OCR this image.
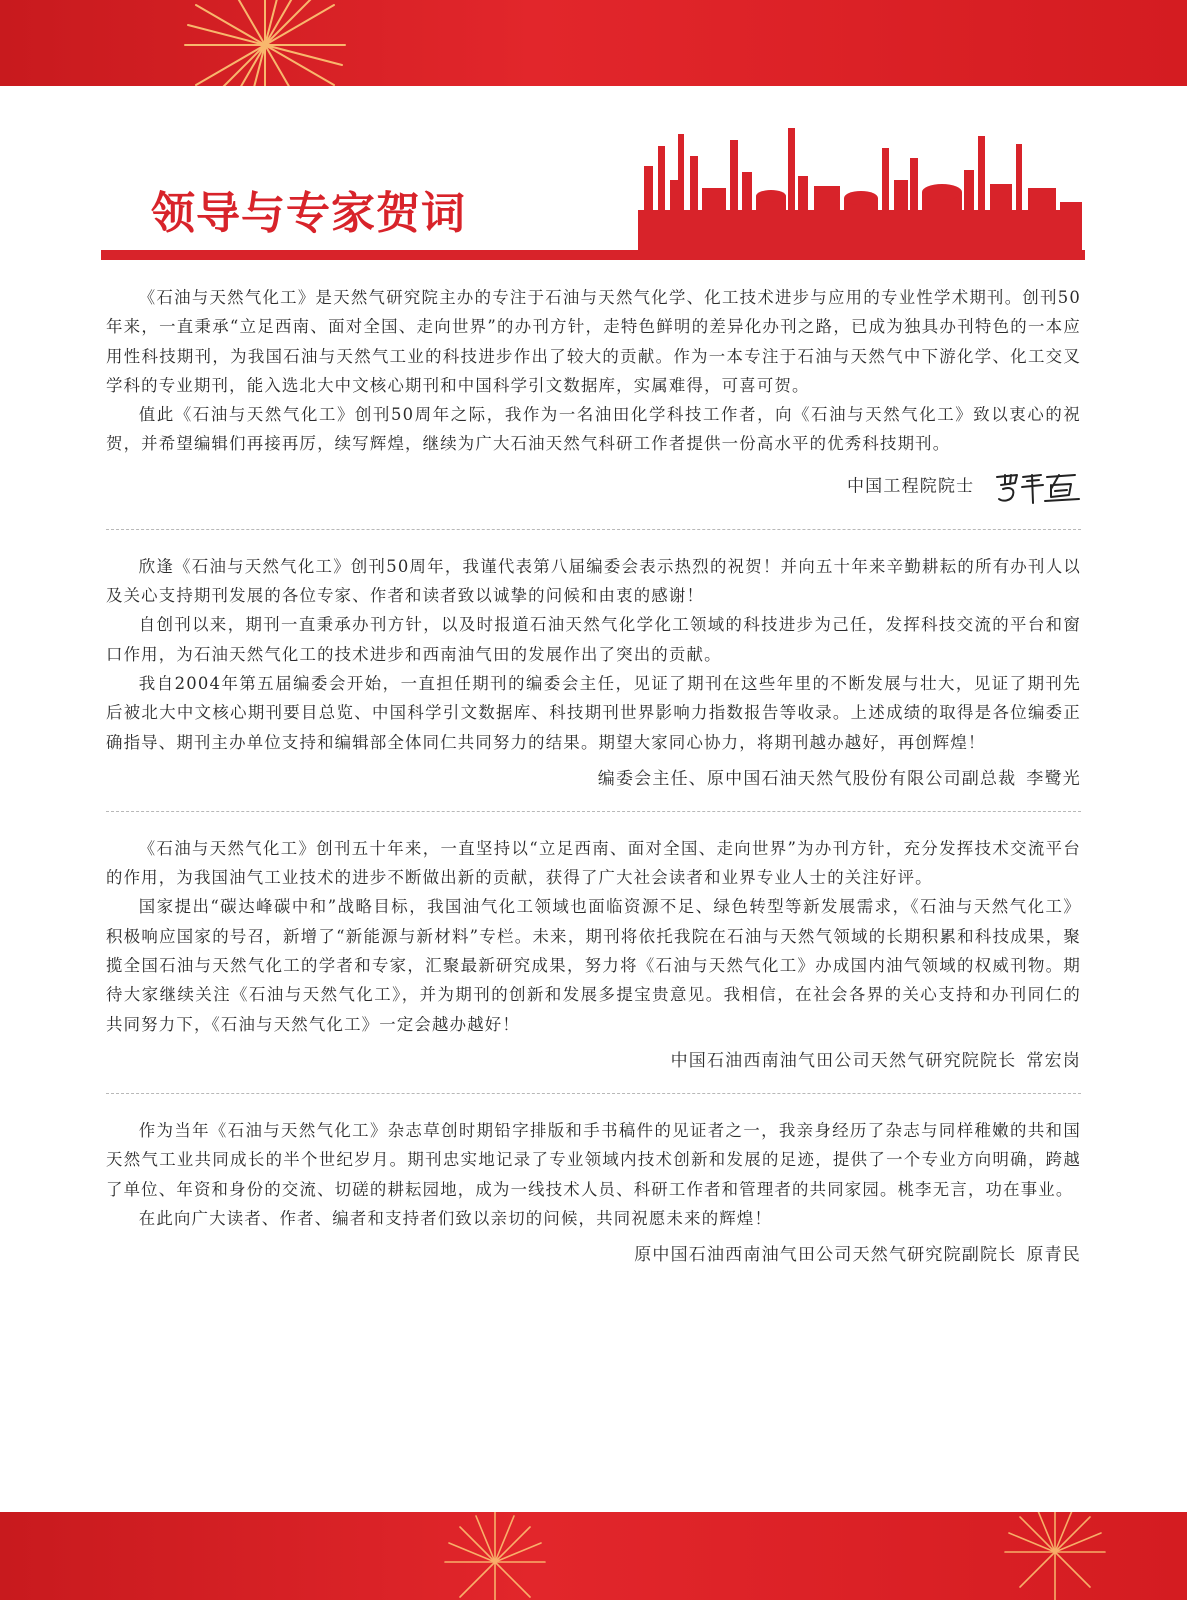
领导与专家贺词

《石油与天然气化工》是天然气研究院主办的专注于石油与天然气化学、化工技术进步与应用的专业性学术期刊。创刊50年来，一直秉承“立足西南、面对全国、走向世界”的办刊方针，走特色鲜明的差异化办刊之路，已成为独具办刊特色的一本应用性科技期刊，为我国石油与天然气工业的科技进步作出了较大的贡献。作为一本专注于石油与天然气中下游化学、化工交叉学科的专业期刊，能入选北大中文核心期刊和中国科学引文数据库，实属难得，可喜可贺。

值此《石油与天然气化工》创刊50周年之际，我作为一名油田化学科技工作者，向《石油与天然气化工》致以衷心的祝贺，并希望编辑们再接再厉，续写辉煌，继续为广大石油天然气科研工作者提供一份高水平的优秀科技期刊。

中国工程院院士

欣逢《石油与天然气化工》创刊50周年，我谨代表第八届编委会表示热烈的祝贺！并向五十年来辛勤耕耘的所有办刊人以及关心支持期刊发展的各位专家、作者和读者致以诚挚的问候和由衷的感谢！

自创刊以来，期刊一直秉承办刊方针，以及时报道石油天然气化学化工领域的科技进步为己任，发挥科技交流的平台和窗口作用，为石油天然气化工的技术进步和西南油气田的发展作出了突出的贡献。

我自2004年第五届编委会开始，一直担任期刊的编委会主任，见证了期刊在这些年里的不断发展与壮大，见证了期刊先后被北大中文核心期刊要目总览、中国科学引文数据库、科技期刊世界影响力指数报告等收录。上述成绩的取得是各位编委正确指导、期刊主办单位支持和编辑部全体同仁共同努力的结果。期望大家同心协力，将期刊越办越好，再创辉煌！

编委会主任、原中国石油天然气股份有限公司副总裁 李鹭光

《石油与天然气化工》创刊五十年来，一直坚持以“立足西南、面对全国、走向世界”为办刊方针，充分发挥技术交流平台的作用，为我国油气工业技术的进步不断做出新的贡献，获得了广大社会读者和业界专业人士的关注好评。

国家提出“碳达峰碳中和”战略目标，我国油气化工领域也面临资源不足、绿色转型等新发展需求，《石油与天然气化工》积极响应国家的号召，新增了“新能源与新材料”专栏。未来，期刊将依托我院在石油与天然气领域的长期积累和科技成果，聚揽全国石油与天然气化工的学者和专家，汇聚最新研究成果，努力将《石油与天然气化工》办成国内油气领域的权威刊物。期待大家继续关注《石油与天然气化工》，并为期刊的创新和发展多提宝贵意见。我相信，在社会各界的关心支持和办刊同仁的共同努力下，《石油与天然气化工》一定会越办越好！

中国石油西南油气田公司天然气研究院院长 常宏岗

作为当年《石油与天然气化工》杂志草创时期铅字排版和手书稿件的见证者之一，我亲身经历了杂志与同样稚嫩的共和国天然气工业共同成长的半个世纪岁月。期刊忠实地记录了专业领域内技术创新和发展的足迹，提供了一个专业方向明确，跨越了单位、年资和身份的交流、切磋的耕耘园地，成为一线技术人员、科研工作者和管理者的共同家园。桃李无言，功在事业。

在此向广大读者、作者、编者和支持者们致以亲切的问候，共同祝愿未来的辉煌！

原中国石油西南油气田公司天然气研究院副院长 原青民
